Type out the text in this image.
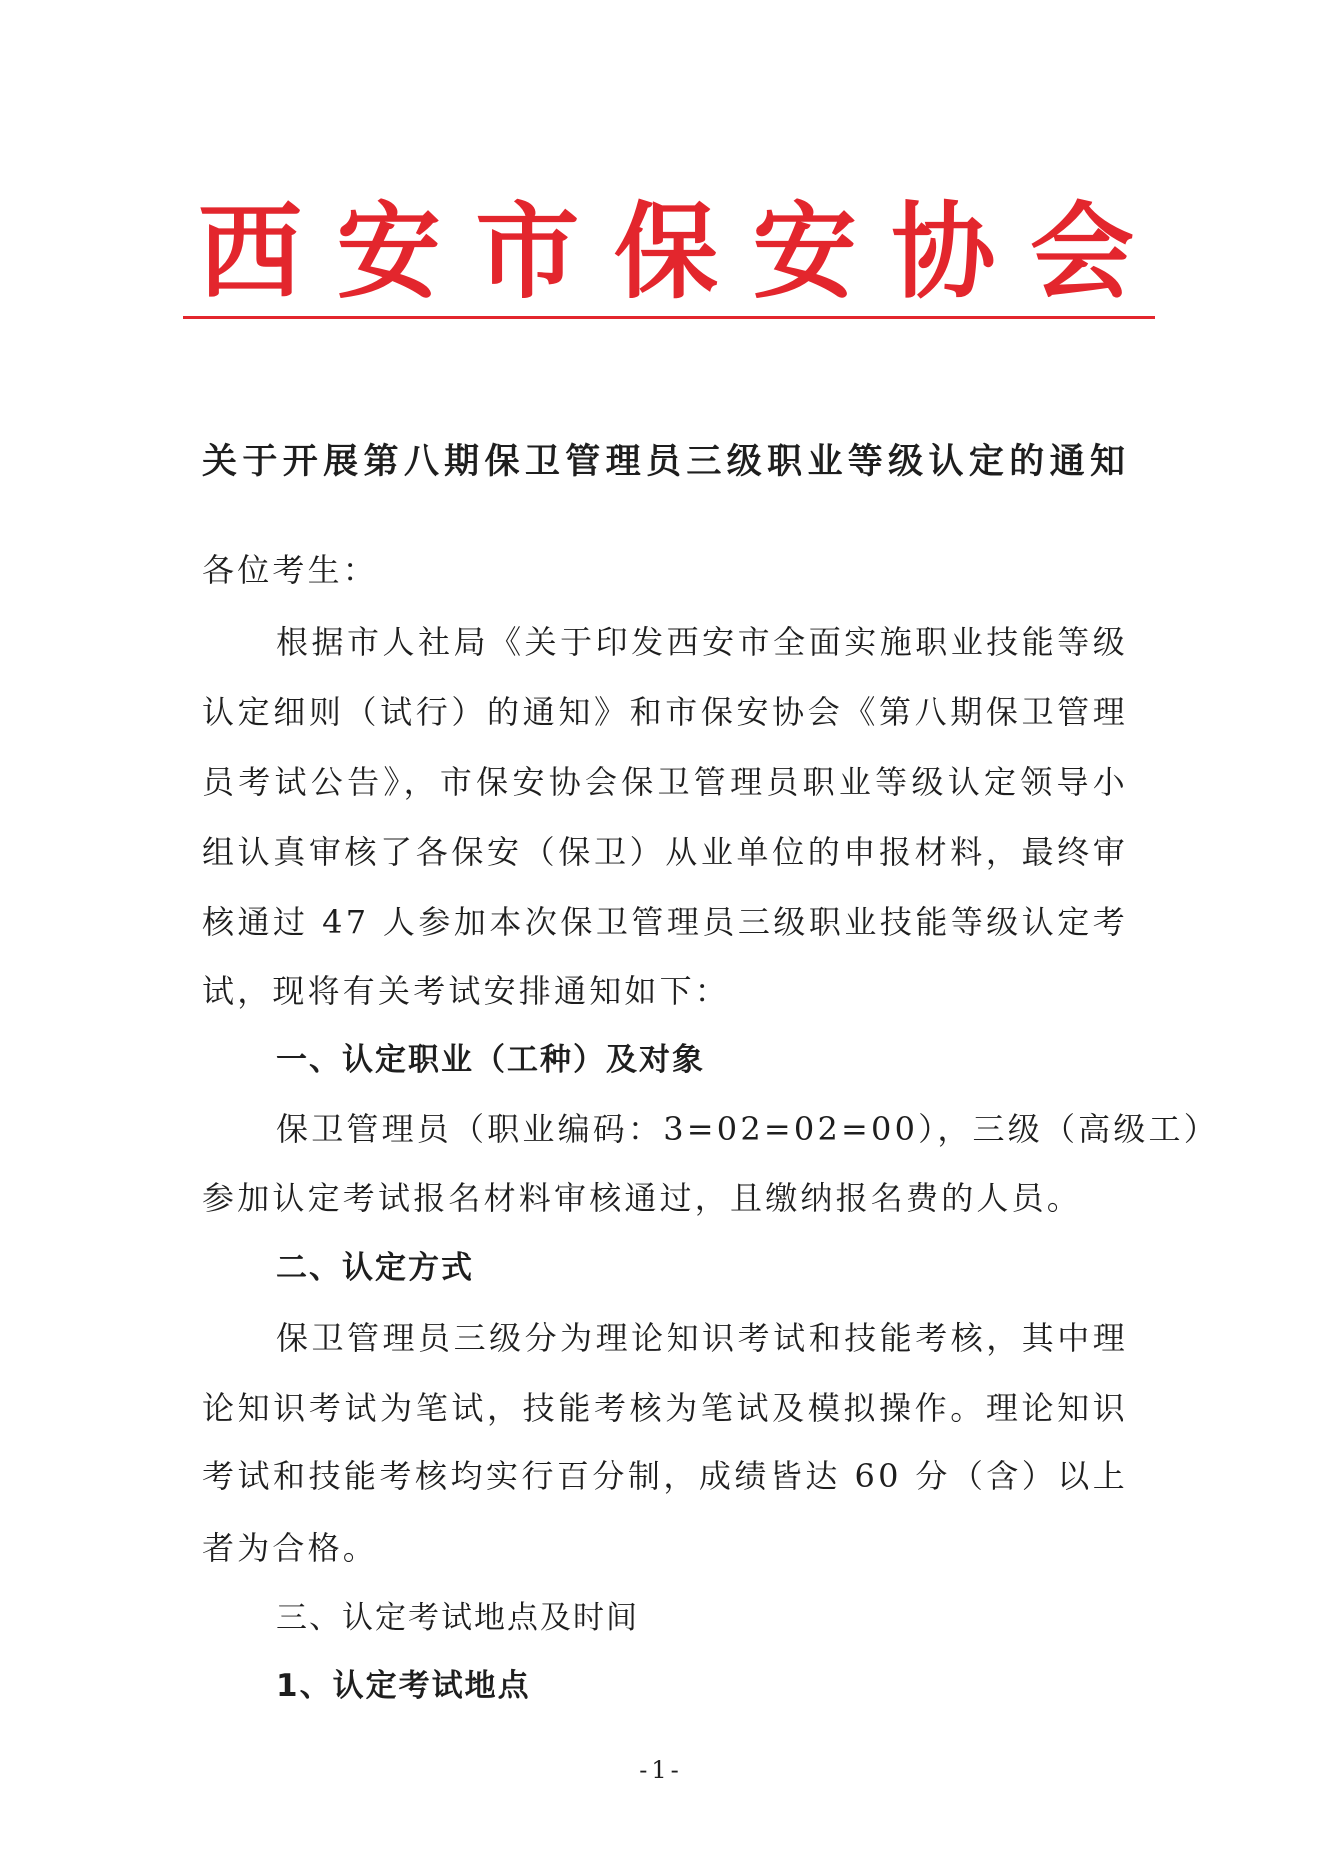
西安市保安协会
关于开展第八期保卫管理员三级职业等级认定的通知
各位考生：
根据市人社局《关于印发西安市全面实施职业技能等级
认定细则（试行）的通知》和市保安协会《第八期保卫管理
员考试公告》，市保安协会保卫管理员职业等级认定领导小
组认真审核了各保安（保卫）从业单位的申报材料，最终审
核通过 47 人参加本次保卫管理员三级职业技能等级认定考
试，现将有关考试安排通知如下：
一、认定职业（工种）及对象
保卫管理员（职业编码：3=02=02=00），三级（高级工）
参加认定考试报名材料审核通过，且缴纳报名费的人员。
二、认定方式
保卫管理员三级分为理论知识考试和技能考核，其中理
论知识考试为笔试，技能考核为笔试及模拟操作。理论知识
考试和技能考核均实行百分制，成绩皆达 60 分（含）以上
者为合格。
三、认定考试地点及时间
1、认定考试地点
-1-
